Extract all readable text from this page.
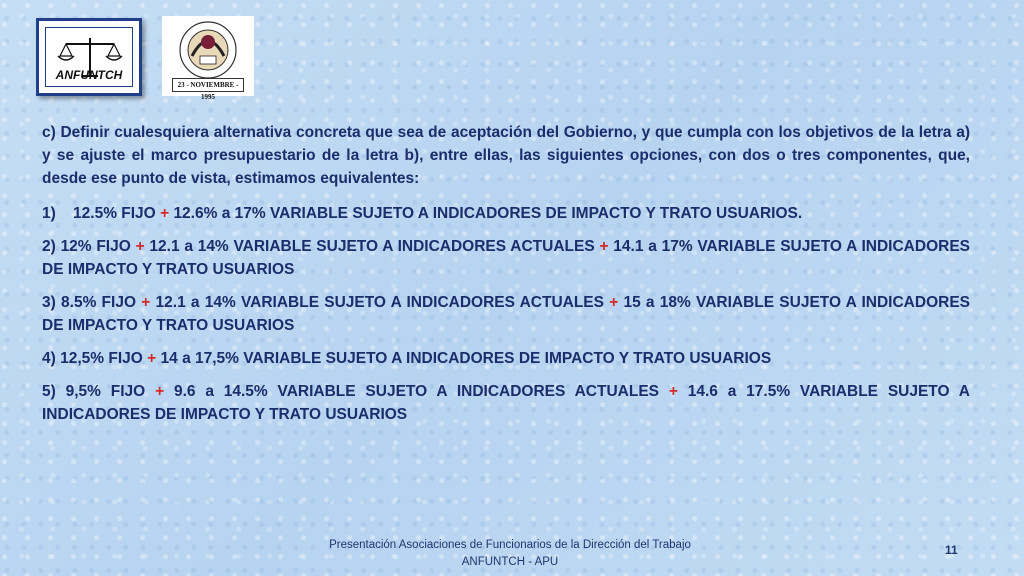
ANFUNTCH
23 - NOVIEMBRE - 1995

c) Definir cualesquiera alternativa concreta que sea de aceptación del Gobierno, y que cumpla con los objetivos de la letra a) y se ajuste el marco presupuestario de la letra b), entre ellas, las siguientes opciones, con dos o tres componentes, que, desde ese punto de vista, estimamos equivalentes:

1) 12.5% FIJO + 12.6% a 17% VARIABLE SUJETO A INDICADORES DE IMPACTO Y TRATO USUARIOS.
2) 12% FIJO + 12.1 a 14% VARIABLE SUJETO A INDICADORES ACTUALES + 14.1 a 17% VARIABLE SUJETO A INDICADORES DE IMPACTO Y TRATO USUARIOS
3) 8.5% FIJO + 12.1 a 14% VARIABLE SUJETO A INDICADORES ACTUALES + 15 a 18% VARIABLE SUJETO A INDICADORES DE IMPACTO Y TRATO USUARIOS
4) 12,5% FIJO + 14 a 17,5% VARIABLE SUJETO A INDICADORES DE IMPACTO Y TRATO USUARIOS
5) 9,5% FIJO + 9.6 a 14.5% VARIABLE SUJETO A INDICADORES ACTUALES + 14.6 a 17.5% VARIABLE SUJETO A INDICADORES DE IMPACTO Y TRATO USUARIOS
Presentación Asociaciones de Funcionarios de la Dirección del Trabajo
ANFUNTCH - APU
11
